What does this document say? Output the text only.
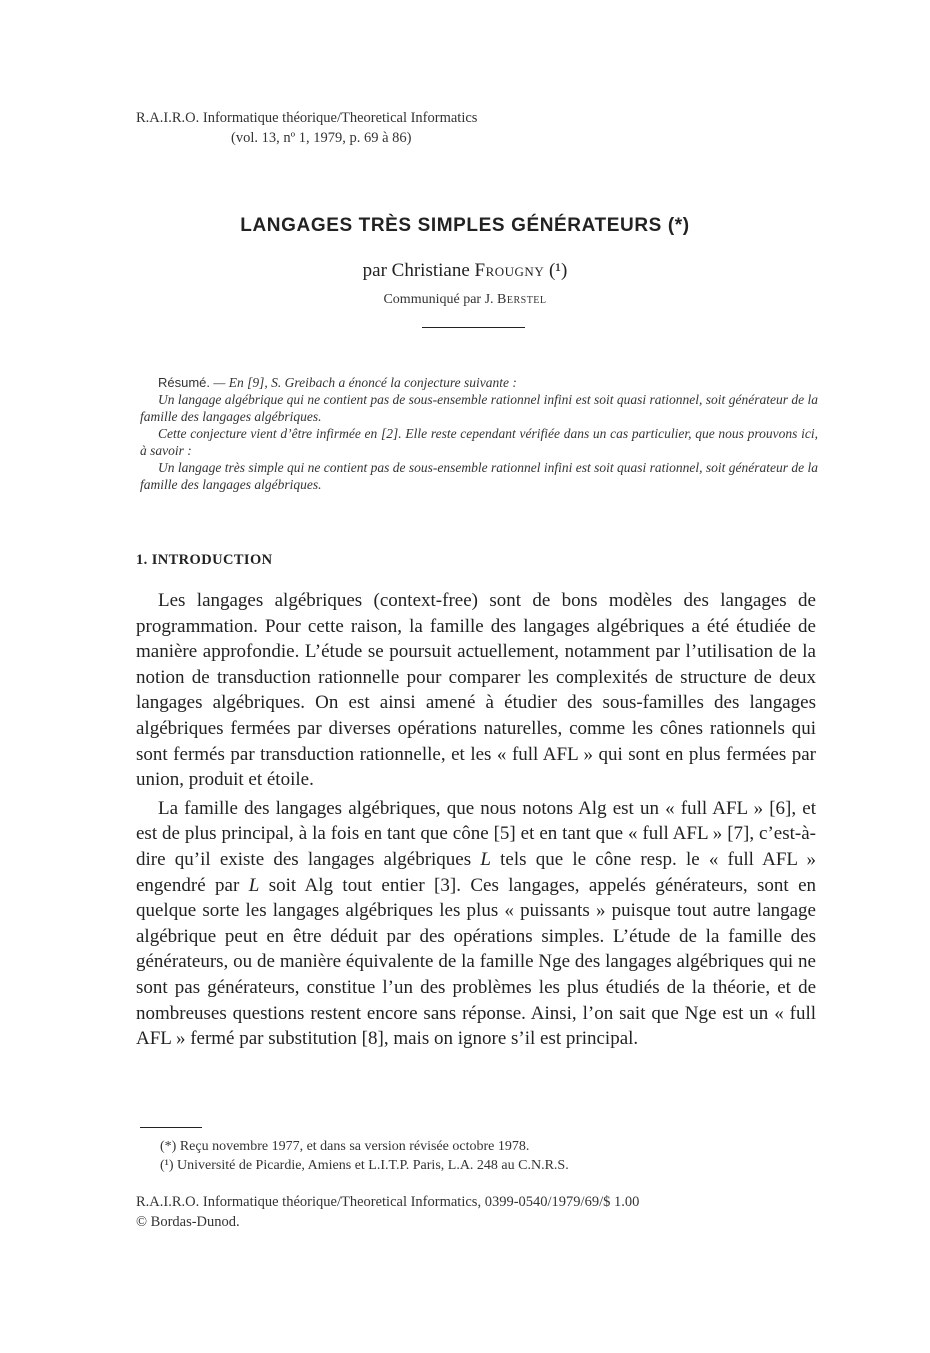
R.A.I.R.O. Informatique théorique/Theoretical Informatics
(vol. 13, nº 1, 1979, p. 69 à 86)
LANGAGES TRÈS SIMPLES GÉNÉRATEURS (*)
par Christiane Frougny (¹)
Communiqué par J. Berstel

Résumé. — En [9], S. Greibach a énoncé la conjecture suivante :

Un langage algébrique qui ne contient pas de sous-ensemble rationnel infini est soit quasi rationnel, soit générateur de la famille des langages algébriques.

Cette conjecture vient d’être infirmée en [2]. Elle reste cependant vérifiée dans un cas particulier, que nous prouvons ici, à savoir :

Un langage très simple qui ne contient pas de sous-ensemble rationnel infini est soit quasi rationnel, soit générateur de la famille des langages algébriques.

1. INTRODUCTION

Les langages algébriques (context-free) sont de bons modèles des langages de programmation. Pour cette raison, la famille des langages algébriques a été étudiée de manière approfondie. L’étude se poursuit actuellement, notamment par l’utilisation de la notion de transduction rationnelle pour comparer les complexités de structure de deux langages algébriques. On est ainsi amené à étudier des sous-familles des langages algébriques fermées par diverses opérations naturelles, comme les cônes rationnels qui sont fermés par transduction rationnelle, et les « full AFL » qui sont en plus fermées par union, produit et étoile.

La famille des langages algébriques, que nous notons Alg est un « full AFL » [6], et est de plus principal, à la fois en tant que cône [5] et en tant que « full AFL » [7], c’est-à-dire qu’il existe des langages algébriques L tels que le cône resp. le « full AFL » engendré par L soit Alg tout entier [3]. Ces langages, appelés générateurs, sont en quelque sorte les langages algébriques les plus « puissants » puisque tout autre langage algébrique peut en être déduit par des opérations simples. L’étude de la famille des générateurs, ou de manière équivalente de la famille Nge des langages algébriques qui ne sont pas générateurs, constitue l’un des problèmes les plus étudiés de la théorie, et de nombreuses questions restent encore sans réponse. Ainsi, l’on sait que Nge est un « full AFL » fermé par substitution [8], mais on ignore s’il est principal.

(*) Reçu novembre 1977, et dans sa version révisée octobre 1978.
(¹) Université de Picardie, Amiens et L.I.T.P. Paris, L.A. 248 au C.N.R.S.
R.A.I.R.O. Informatique théorique/Theoretical Informatics, 0399-0540/1979/69/$ 1.00
© Bordas-Dunod.
